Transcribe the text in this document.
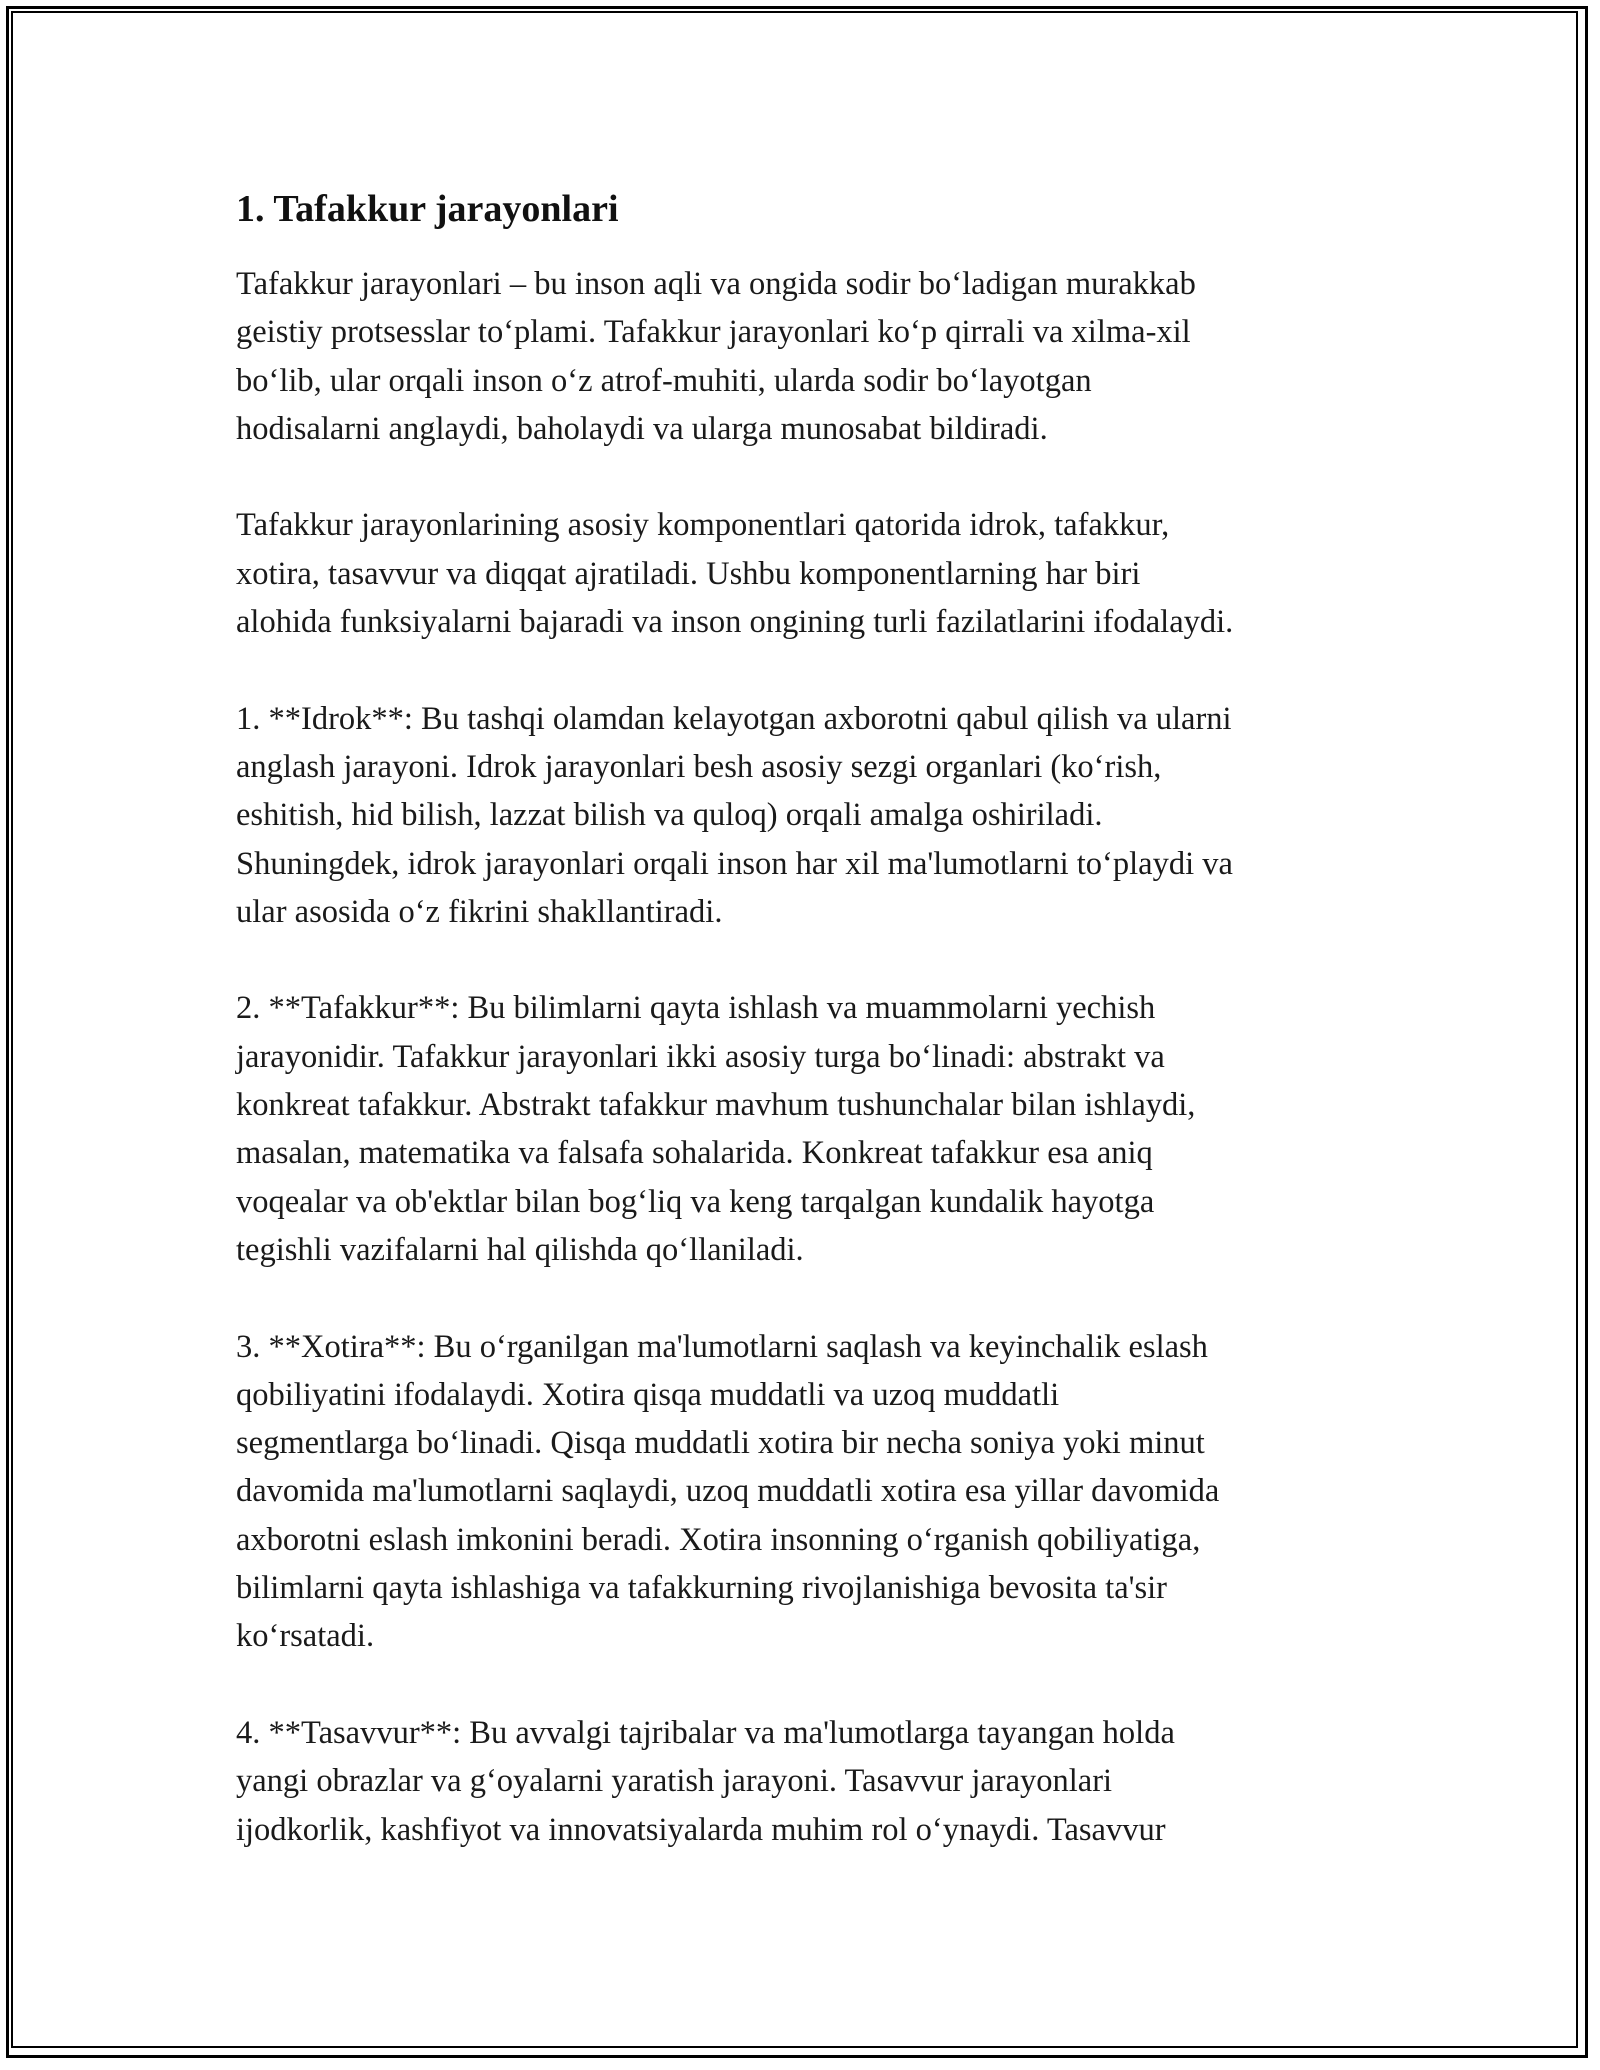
1. Tafakkur jarayonlari

Tafakkur jarayonlari – bu inson aqli va ongida sodir boʻladigan murakkab
geistiy protsesslar toʻplami. Tafakkur jarayonlari koʻp qirrali va xilma-xil
boʻlib, ular orqali inson oʻz atrof-muhiti, ularda sodir boʻlayotgan
hodisalarni anglaydi, baholaydi va ularga munosabat bildiradi.

Tafakkur jarayonlarining asosiy komponentlari qatorida idrok, tafakkur,
xotira, tasavvur va diqqat ajratiladi. Ushbu komponentlarning har biri
alohida funksiyalarni bajaradi va inson ongining turli fazilatlarini ifodalaydi.

1. **Idrok**: Bu tashqi olamdan kelayotgan axborotni qabul qilish va ularni
anglash jarayoni. Idrok jarayonlari besh asosiy sezgi organlari (koʻrish,
eshitish, hid bilish, lazzat bilish va quloq) orqali amalga oshiriladi.
Shuningdek, idrok jarayonlari orqali inson har xil ma'lumotlarni toʻplaydi va
ular asosida oʻz fikrini shakllantiradi.

2. **Tafakkur**: Bu bilimlarni qayta ishlash va muammolarni yechish
jarayonidir. Tafakkur jarayonlari ikki asosiy turga boʻlinadi: abstrakt va
konkreat tafakkur. Abstrakt tafakkur mavhum tushunchalar bilan ishlaydi,
masalan, matematika va falsafa sohalarida. Konkreat tafakkur esa aniq
voqealar va ob'ektlar bilan bogʻliq va keng tarqalgan kundalik hayotga
tegishli vazifalarni hal qilishda qoʻllaniladi.

3. **Xotira**: Bu oʻrganilgan ma'lumotlarni saqlash va keyinchalik eslash
qobiliyatini ifodalaydi. Xotira qisqa muddatli va uzoq muddatli
segmentlarga boʻlinadi. Qisqa muddatli xotira bir necha soniya yoki minut
davomida ma'lumotlarni saqlaydi, uzoq muddatli xotira esa yillar davomida
axborotni eslash imkonini beradi. Xotira insonning oʻrganish qobiliyatiga,
bilimlarni qayta ishlashiga va tafakkurning rivojlanishiga bevosita ta'sir
koʻrsatadi.

4. **Tasavvur**: Bu avvalgi tajribalar va ma'lumotlarga tayangan holda
yangi obrazlar va gʻoyalarni yaratish jarayoni. Tasavvur jarayonlari
ijodkorlik, kashfiyot va innovatsiyalarda muhim rol oʻynaydi. Tasavvur
